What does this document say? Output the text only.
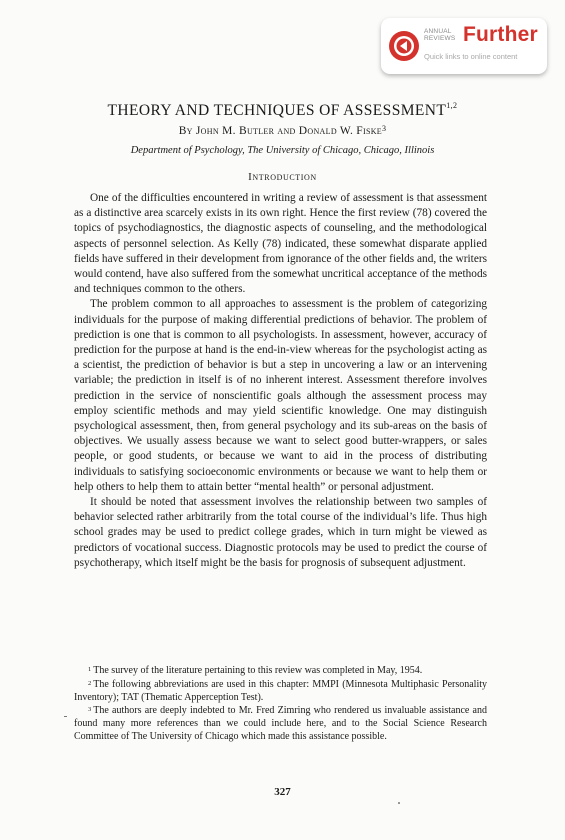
ANNUAL
REVIEWS Further
Quick links to online content
THEORY AND TECHNIQUES OF ASSESSMENT$^{1,2}$
By John M. Butler and Donald W. Fiske$^3$
Department of Psychology, The University of Chicago, Chicago, Illinois
Introduction

One of the difficulties encountered in writing a review of assessment is that assessment as a distinctive area scarcely exists in its own right. Hence the first review (78) covered the topics of psychodiagnostics, the diagnostic aspects of counseling, and the methodological aspects of personnel selection. As Kelly (78) indicated, these somewhat disparate applied fields have suffered in their development from ignorance of the other fields and, the writers would contend, have also suffered from the somewhat uncritical acceptance of the methods and techniques common to the others.

The problem common to all approaches to assessment is the problem of categorizing individuals for the purpose of making differential predictions of behavior. The problem of prediction is one that is common to all psychologists. In assessment, however, accuracy of prediction for the purpose at hand is the end-in-view whereas for the psychologist acting as a scientist, the prediction of behavior is but a step in uncovering a law or an intervening variable; the prediction in itself is of no inherent interest. Assessment therefore involves prediction in the service of nonscientific goals although the assessment process may employ scientific methods and may yield scientific knowledge. One may distinguish psychological assessment, then, from general psychology and its sub-areas on the basis of objectives. We usually assess because we want to select good butter-wrappers, or sales people, or good students, or because we want to aid in the process of distributing individuals to satisfying socioeconomic environments or because we want to help them or help others to help them to attain better “mental health” or personal adjustment.

It should be noted that assessment involves the relationship between two samples of behavior selected rather arbitrarily from the total course of the individual’s life. Thus high school grades may be used to predict college grades, which in turn might be viewed as predictors of vocational success. Diagnostic protocols may be used to predict the course of psychotherapy, which itself might be the basis for prognosis of subsequent adjustment.

$^1$ The survey of the literature pertaining to this review was completed in May, 1954.

$^2$ The following abbreviations are used in this chapter: MMPI (Minnesota Multiphasic Personality Inventory); TAT (Thematic Apperception Test).

$^3$ The authors are deeply indebted to Mr. Fred Zimring who rendered us invaluable assistance and found many more references than we could include here, and to the Social Science Research Committee of The University of Chicago which made this assistance possible.

327
